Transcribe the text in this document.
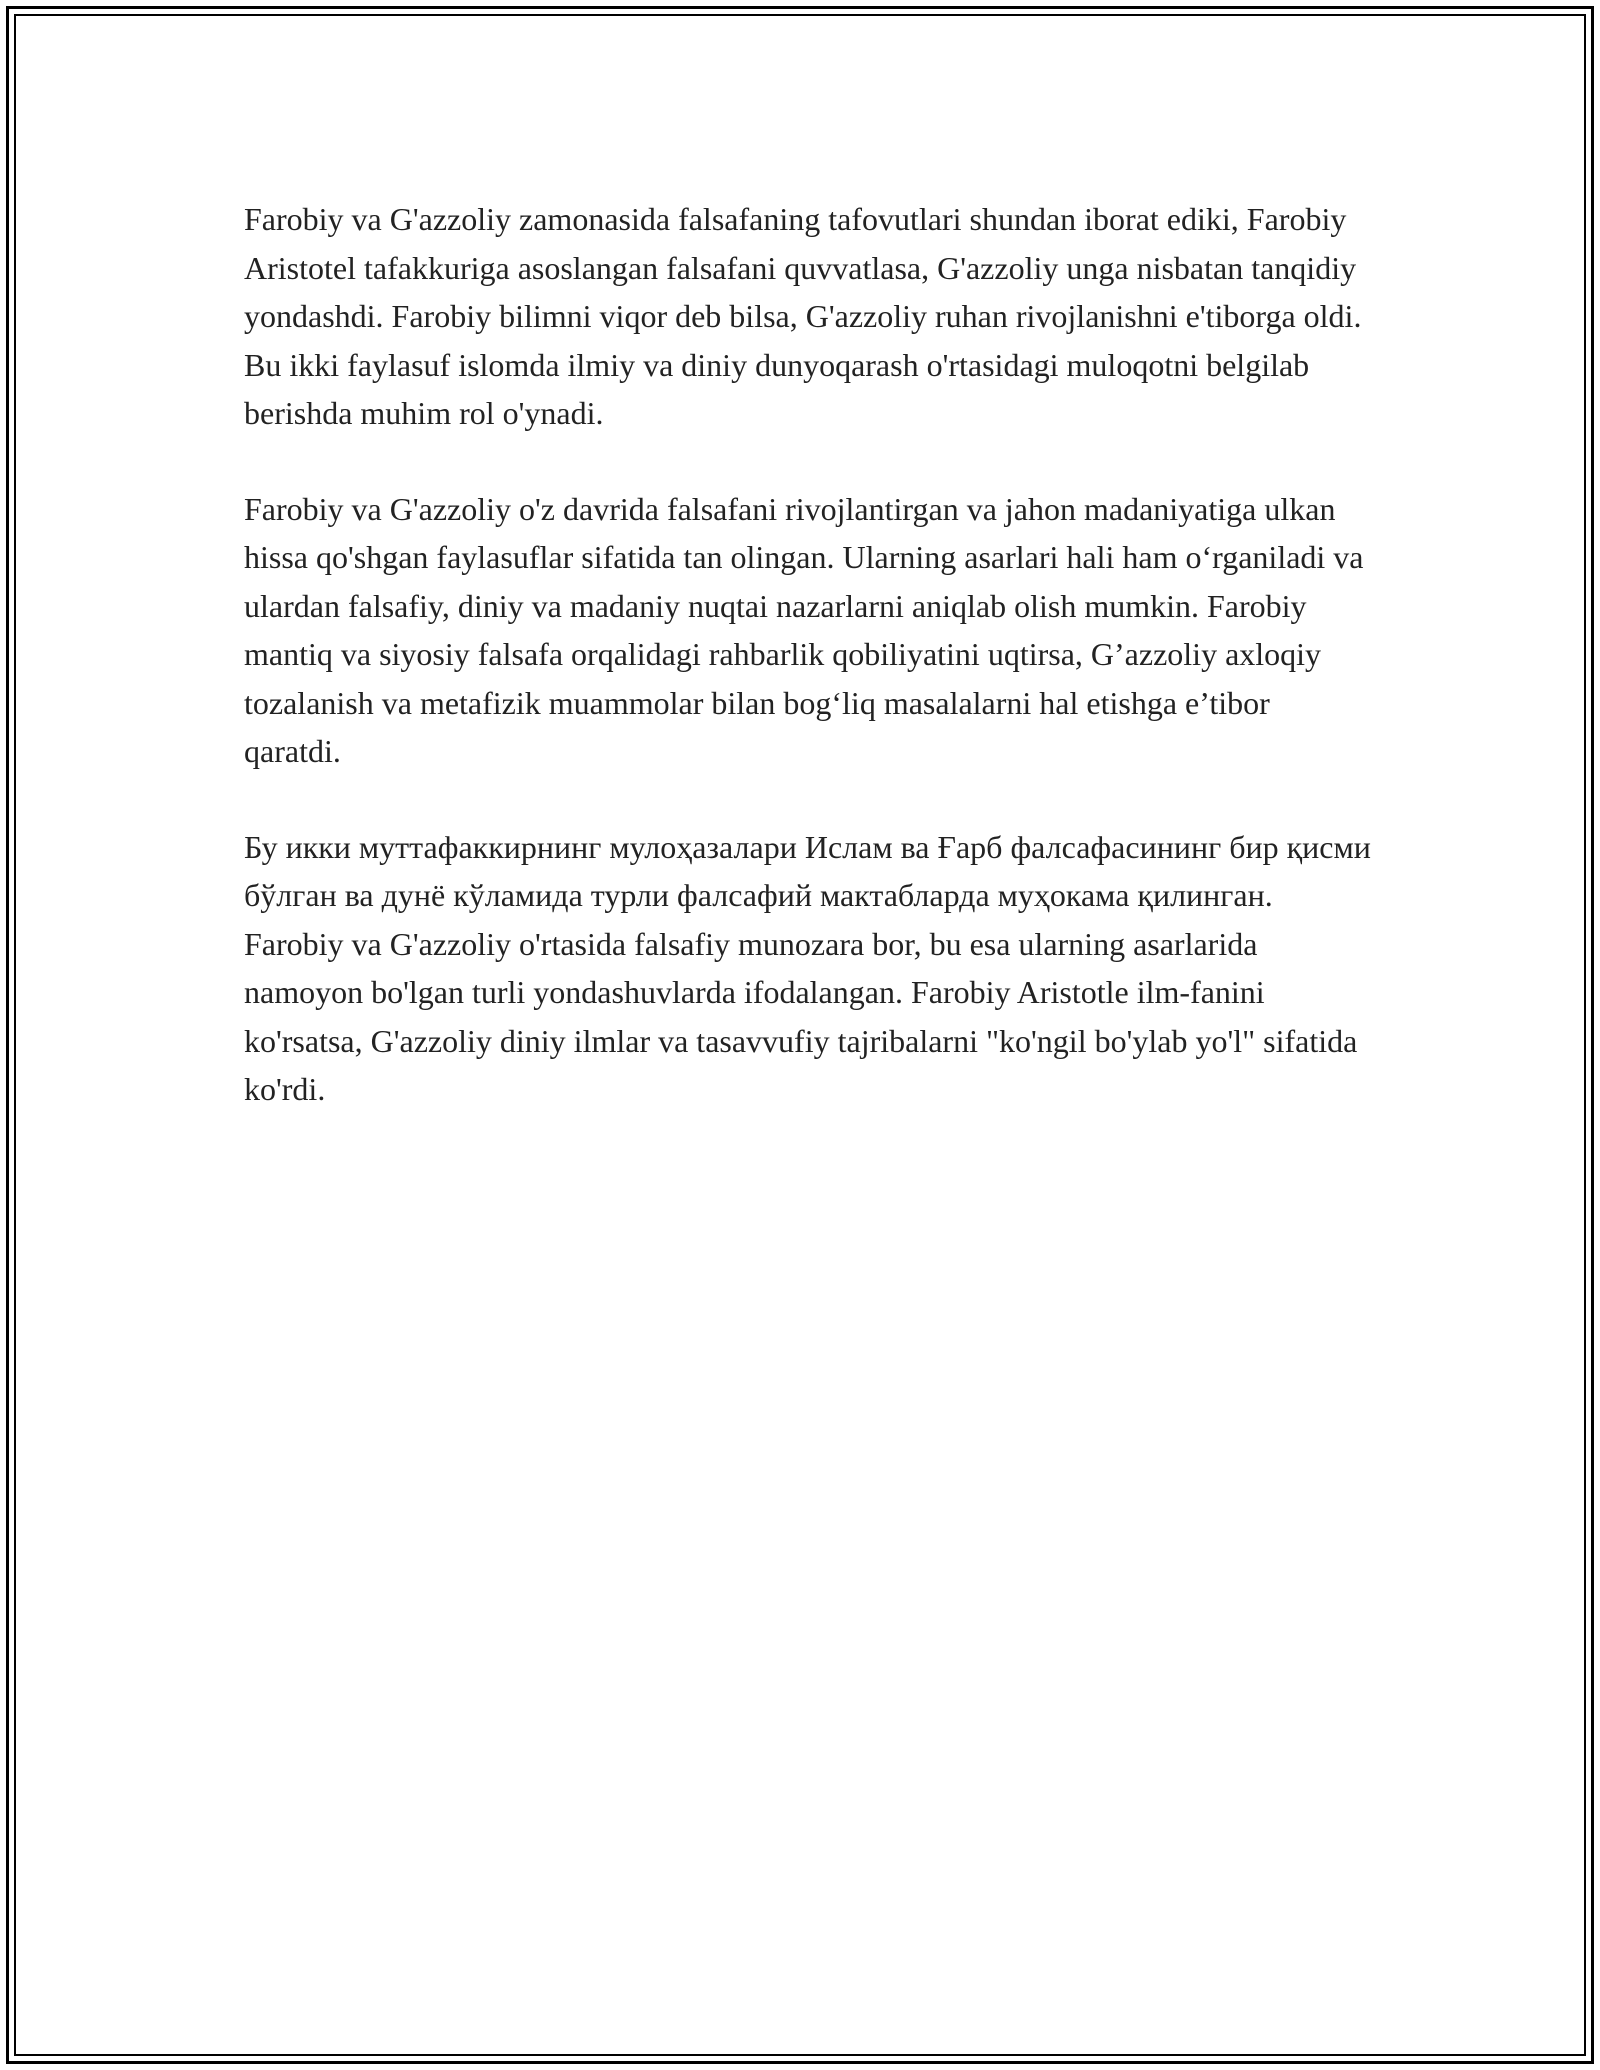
Farobiy va G'azzoliy zamonasida falsafaning tafovutlari shundan iborat ediki, Farobiy Aristotel tafakkuriga asoslangan falsafani quvvatlasa, G'azzoliy unga nisbatan tanqidiy yondashdi. Farobiy bilimni viqor deb bilsa, G'azzoliy ruhan rivojlanishni e'tiborga oldi. Bu ikki faylasuf islomda ilmiy va diniy dunyoqarash o'rtasidagi muloqotni belgilab berishda muhim rol o'ynadi.

Farobiy va G'azzoliy o'z davrida falsafani rivojlantirgan va jahon madaniyatiga ulkan hissa qo'shgan faylasuflar sifatida tan olingan. Ularning asarlari hali ham o‘rganiladi va ulardan falsafiy, diniy va madaniy nuqtai nazarlarni aniqlab olish mumkin. Farobiy mantiq va siyosiy falsafa orqalidagi rahbarlik qobiliyatini uqtirsa, G’azzoliy axloqiy tozalanish va metafizik muammolar bilan bog‘liq masalalarni hal etishga e’tibor qaratdi.

Бу икки муттафаккирнинг мулоҳазалари Ислам ва Ғарб фалсафасининг бир қисми бўлган ва дунё кўламида турли фалсафий мактабларда муҳокама қилинган. Farobiy va G'azzoliy o'rtasida falsafiy munozara bor, bu esa ularning asarlarida namoyon bo'lgan turli yondashuvlarda ifodalangan. Farobiy Aristotle ilm-fanini ko'rsatsa, G'azzoliy diniy ilmlar va tasavvufiy tajribalarni "ko'ngil bo'ylab yo'l" sifatida ko'rdi.
